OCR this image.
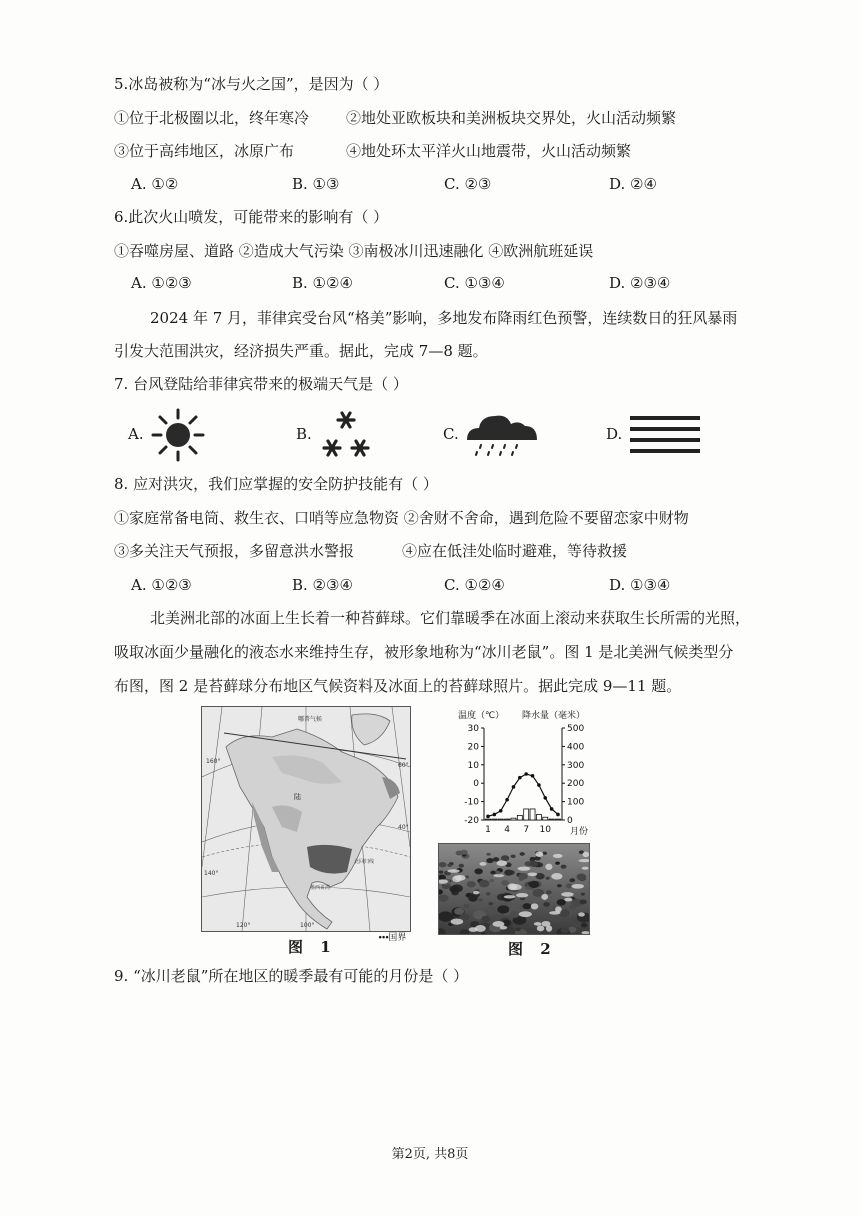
5.冰岛被称为“冰与火之国”，是因为（ ）
①位于北极圈以北，终年寒冷 ②地处亚欧板块和美洲板块交界处，火山活动频繁
③位于高纬地区，冰原广布	④地处环太平洋火山地震带，火山活动频繁
A. ①②	B. ①③	C. ②③	D. ②④
6.此次火山喷发，可能带来的影响有（ ）
①吞噬房屋、道路 ②造成大气污染 ③南极冰川迅速融化 ④欧洲航班延误
A. ①②③	B. ①②④	C. ①③④	D. ②③④
2024 年 7 月，菲律宾受台风“格美”影响，多地发布降雨红色预警，连续数日的狂风暴雨
引发大范围洪灾，经济损失严重。据此，完成 7—8 题。
7. 台风登陆给菲律宾带来的极端天气是（ ）
A.	B.	C.	D.
8. 应对洪灾，我们应掌握的安全防护技能有（ ）
①家庭常备电筒、救生衣、口哨等应急物资 ②舍财不舍命，遇到危险不要留恋家中财物
③多关注天气预报，多留意洪水警报	④应在低洼处临时避难，等待救援
A. ①②③	B. ②③④	C. ①②④	D. ①③④
北美洲北部的冰面上生长着一种苔藓球。它们靠暖季在冰面上滚动来获取生长所需的光照，
吸取冰面少量融化的液态水来维持生存，被形象地称为“冰川老鼠”。图 1 是北美洲气候类型分
布图，图 2 是苔藓球分布地区气候资料及冰面上的苔藓球照片。据此完成 9—11 题。
哪普气候
160°
140°
120°	100°
60°
40°
陆
墨西哥湾
北回归线
∙∙∙国界
图 1
温度（℃） 降水量（毫米）
30
20
10
0
-10
-20
500
400
300
200
100
0
1 4 7 10 月份
图 2
9. “冰川老鼠”所在地区的暖季最有可能的月份是（ ）
第2页, 共8页
